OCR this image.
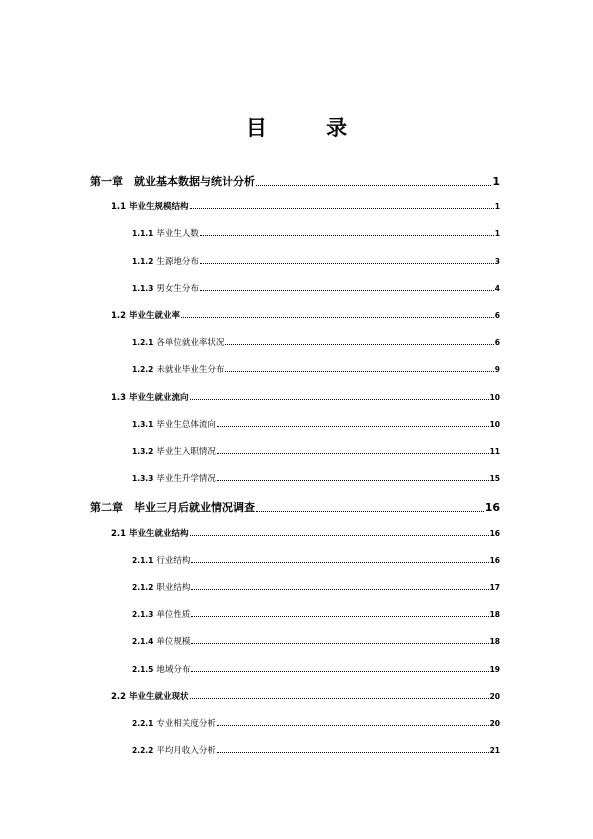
目 录
第一章　就业基本数据与统计分析	1
1.1 毕业生规模结构	1
1.1.1 毕业生人数	1
1.1.2 生源地分布	3
1.1.3 男女生分布	4
1.2 毕业生就业率	6
1.2.1 各单位就业率状况	6
1.2.2 未就业毕业生分布	9
1.3 毕业生就业流向	10
1.3.1 毕业生总体流向	10
1.3.2 毕业生入职情况	11
1.3.3 毕业生升学情况	15
第二章　毕业三月后就业情况调查	16
2.1 毕业生就业结构	16
2.1.1 行业结构	16
2.1.2 职业结构	17
2.1.3 单位性质	18
2.1.4 单位规模	18
2.1.5 地域分布	19
2.2 毕业生就业现状	20
2.2.1 专业相关度分析	20
2.2.2 平均月收入分析	21
